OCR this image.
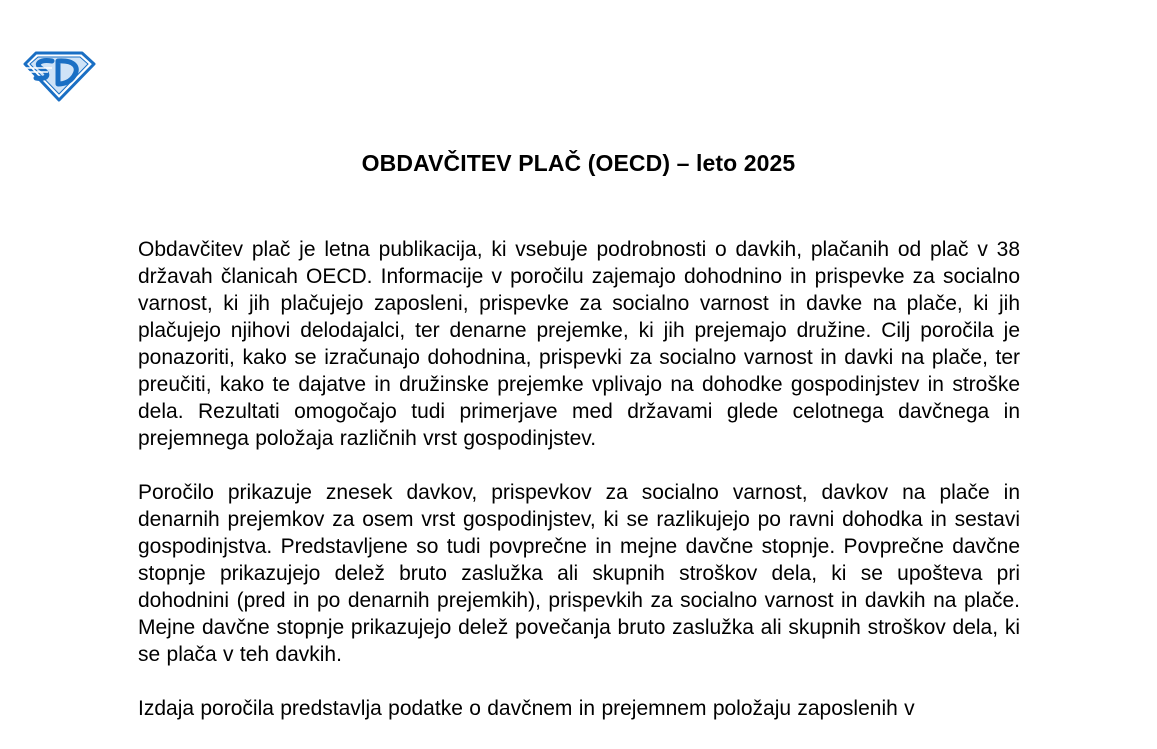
OBDAVČITEV PLAČ (OECD) – leto 2025

Obdavčitev plač je letna publikacija, ki vsebuje podrobnosti o davkih, plačanih od plač v 38 državah članicah OECD. Informacije v poročilu zajemajo dohodnino in prispevke za socialno varnost, ki jih plačujejo zaposleni, prispevke za socialno varnost in davke na plače, ki jih plačujejo njihovi delodajalci, ter denarne prejemke, ki jih prejemajo družine. Cilj poročila je ponazoriti, kako se izračunajo dohodnina, prispevki za socialno varnost in davki na plače, ter preučiti, kako te dajatve in družinske prejemke vplivajo na dohodke gospodinjstev in stroške dela. Rezultati omogočajo tudi primerjave med državami glede celotnega davčnega in prejemnega položaja različnih vrst gospodinjstev.

Poročilo prikazuje znesek davkov, prispevkov za socialno varnost, davkov na plače in denarnih prejemkov za osem vrst gospodinjstev, ki se razlikujejo po ravni dohodka in sestavi gospodinjstva. Predstavljene so tudi povprečne in mejne davčne stopnje. Povprečne davčne stopnje prikazujejo delež bruto zaslužka ali skupnih stroškov dela, ki se upošteva pri dohodnini (pred in po denarnih prejemkih), prispevkih za socialno varnost in davkih na plače. Mejne davčne stopnje prikazujejo delež povečanja bruto zaslužka ali skupnih stroškov dela, ki se plača v teh davkih.

Izdaja poročila predstavlja podatke o davčnem in prejemnem položaju zaposlenih v
